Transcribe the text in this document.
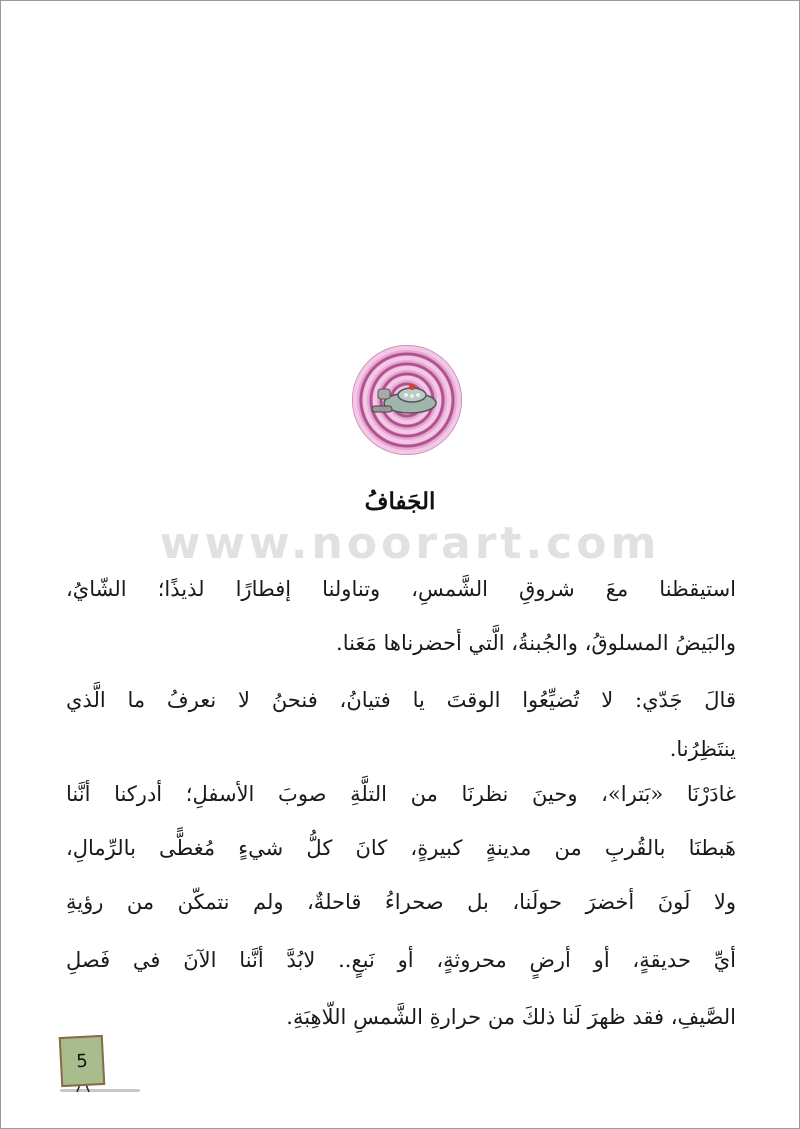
الجَفافُ
www.noorart.com
استيقظنا معَ شروقِ الشَّمسِ، وتناولنا إفطارًا لذيذًا؛ الشّايُ،
والبَيضُ المسلوقُ، والجُبنةُ، الَّتي أحضرناها مَعَنا.
قالَ جَدّي: لا تُضيِّعُوا الوقتَ يا فتيانُ، فنحنُ لا نعرفُ ما الَّذي
ينتَظِرُنا.
غادَرْنَا «بَترا»، وحينَ نظرنَا من التلَّةِ صوبَ الأسفلِ؛ أدركنا أنَّنا
هَبطنَا بالقُربِ من مدينةٍ كبيرةٍ، كانَ كلُّ شيءٍ مُغطًّى بالرِّمالِ،
ولا لَونَ أخضرَ حولَنا، بل صحراءُ قاحلةٌ، ولم نتمكّن من رؤيةِ
أيِّ حديقةٍ، أو أرضٍ محروثةٍ، أو نَبعٍ.. لابُدَّ أنَّنا الآنَ في فَصلِ
الصَّيفِ، فقد ظهرَ لَنا ذلكَ من حرارةِ الشَّمسِ اللّاهِبَةِ.
5
